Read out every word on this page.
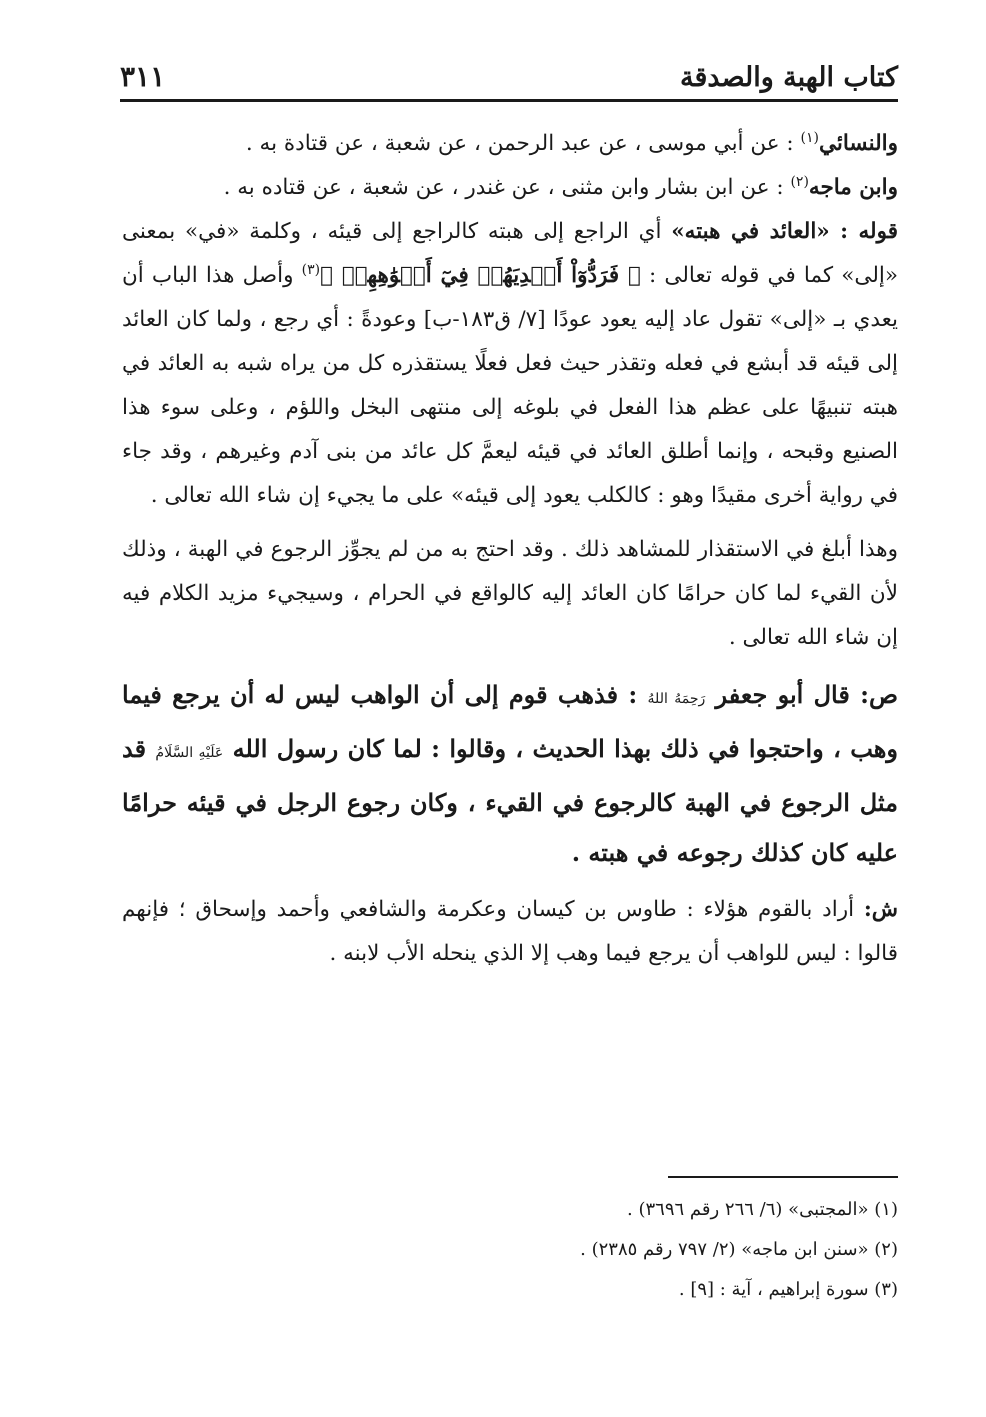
كتاب الهبة والصدقة
٣١١

والنسائي$^{(١)}$ : عن أبي موسى ، عن عبد الرحمن ، عن شعبة ، عن قتادة به .

وابن ماجه$^{(٢)}$ : عن ابن بشار وابن مثنى ، عن غندر ، عن شعبة ، عن قتاده به .

قوله : «العائد في هبته» أي الراجع إلى هبته كالراجع إلى قيئه ، وكلمة «في» بمعنى «إلى» كما في قوله تعالى : ﴿ فَرَدُّوٓاْ أَيۡدِيَهُمۡ فِيٓ أَفۡوَٰهِهِمۡ ﴾$^{(٣)}$ وأصل هذا الباب أن يعدي بـ «إلى» تقول عاد إليه يعود عودًا [٧/ ق١٨٣-ب] وعودةً : أي رجع ، ولما كان العائد إلى قيئه قد أبشع في فعله وتقذر حيث فعل فعلًا يستقذره كل من يراه شبه به العائد في هبته تنبيهًا على عظم هذا الفعل في بلوغه إلى منتهى البخل واللؤم ، وعلى سوء هذا الصنيع وقبحه ، وإنما أطلق العائد في قيئه ليعمَّ كل عائد من بنى آدم وغيرهم ، وقد جاء في رواية أخرى مقيدًا وهو : كالكلب يعود إلى قيئه» على ما يجيء إن شاء الله تعالى .

وهذا أبلغ في الاستقذار للمشاهد ذلك . وقد احتج به من لم يجوِّز الرجوع في الهبة ، وذلك لأن القيء لما كان حرامًا كان العائد إليه كالواقع في الحرام ، وسيجيء مزيد الكلام فيه إن شاء الله تعالى .

ص: قال أبو جعفر رَحِمَهُ اللهُ : فذهب قوم إلى أن الواهب ليس له أن يرجع فيما وهب ، واحتجوا في ذلك بهذا الحديث ، وقالوا : لما كان رسول الله عَلَيْهِ السَّلَامُ قد مثل الرجوع في الهبة كالرجوع في القيء ، وكان رجوع الرجل في قيئه حرامًا عليه كان كذلك رجوعه في هبته .

ش: أراد بالقوم هؤلاء : طاوس بن كيسان وعكرمة والشافعي وأحمد وإسحاق ؛ فإنهم قالوا : ليس للواهب أن يرجع فيما وهب إلا الذي ينحله الأب لابنه .

(١) «المجتبى» (٦/ ٢٦٦ رقم ٣٦٩٦) .

(٢) «سنن ابن ماجه» (٢/ ٧٩٧ رقم ٢٣٨٥) .

(٣) سورة إبراهيم ، آية : [٩] .
